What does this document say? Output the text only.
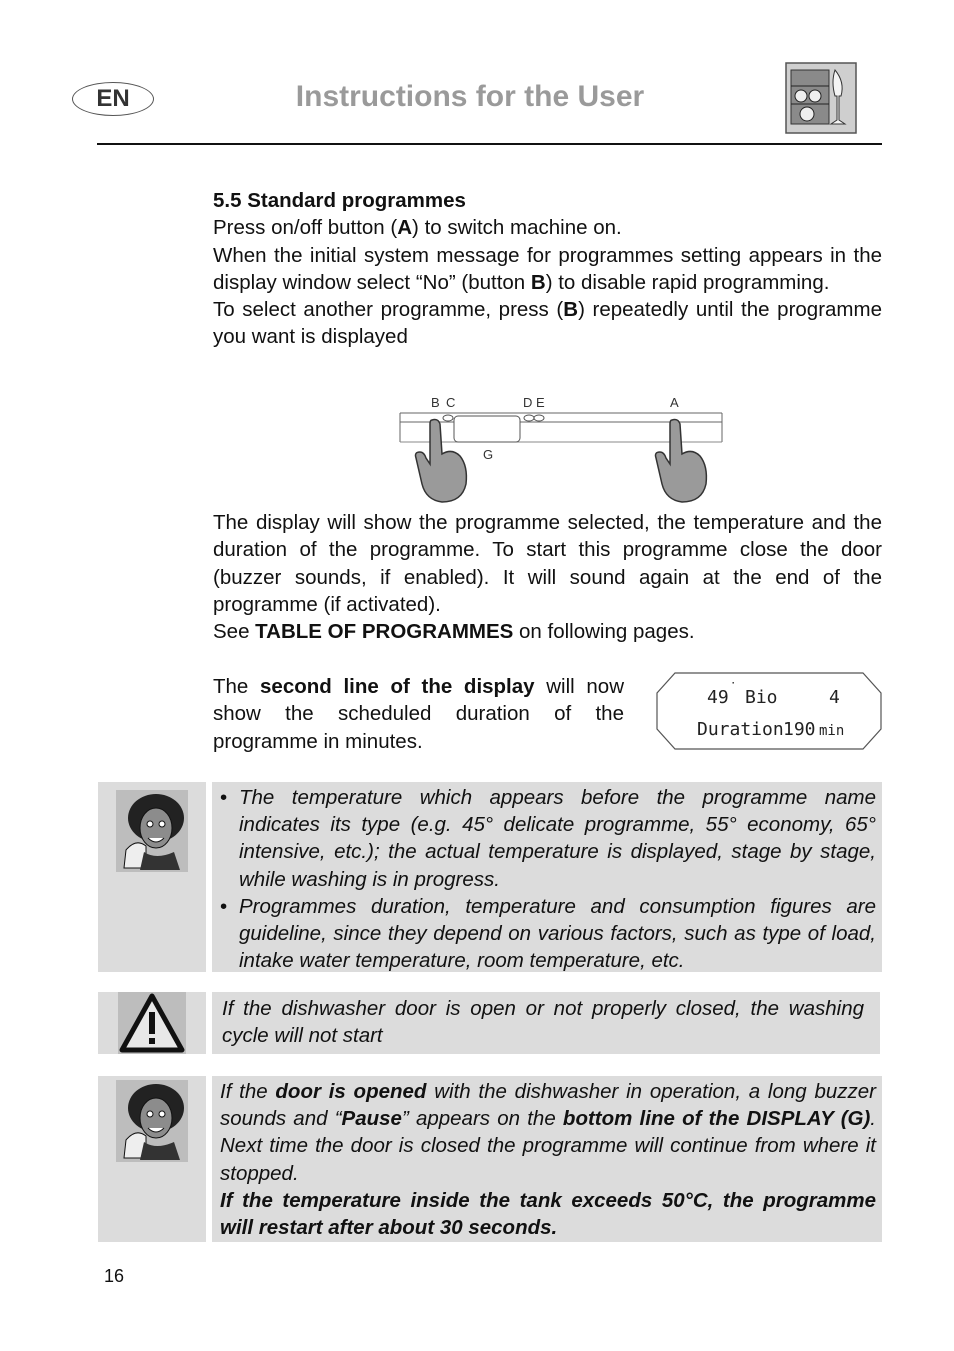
EN	Instructions for the User

5.5 Standard programmes

Press on/off button (A) to switch machine on.

When the initial system message for programmes setting appears in the display window select “No” (button B) to disable rapid programming.

To select another programme, press (B) repeatedly until the programme you want is displayed

B C	D E	A
G

The display will show the programme selected, the temperature and the duration of the programme. To start this programme close the door (buzzer sounds, if enabled). It will sound again at the end of the programme (if activated).

See TABLE OF PROGRAMMES on following pages.

The second line of the display will now show the scheduled duration of the programme in minutes.

49 ˙ Bio	4
Duration 190 min
• The temperature which appears before the programme name indicates its type (e.g. 45° delicate programme, 55° economy, 65° intensive, etc.); the actual temperature is displayed, stage by stage, while washing is in progress.
• Programmes duration, temperature and consumption figures are guideline, since they depend on various factors, such as type of load, intake water temperature, room temperature, etc.
If the dishwasher door is open or not properly closed, the washing cycle will not start

If the door is opened with the dishwasher in operation, a long buzzer sounds and “Pause” appears on the bottom line of the DISPLAY (G). Next time the door is closed the programme will continue from where it stopped.

If the temperature inside the tank exceeds 50°C, the programme will restart after about 30 seconds.

16
